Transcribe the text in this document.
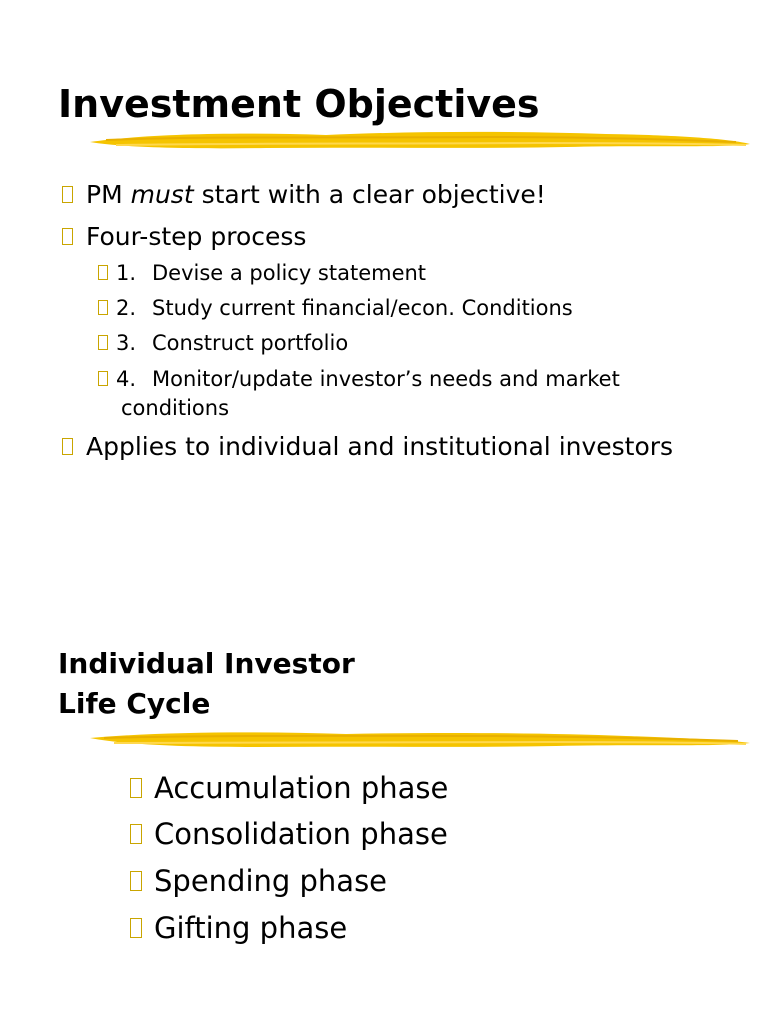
Investment Objectives
PM must start with a clear objective!
Four-step process
1. Devise a policy statement
2. Study current financial/econ. Conditions
3. Construct portfolio
4. Monitor/update investor’s needs and market
conditions
Applies to individual and institutional investors
Individual Investor
Life Cycle
Accumulation phase
Consolidation phase
Spending phase
Gifting phase
